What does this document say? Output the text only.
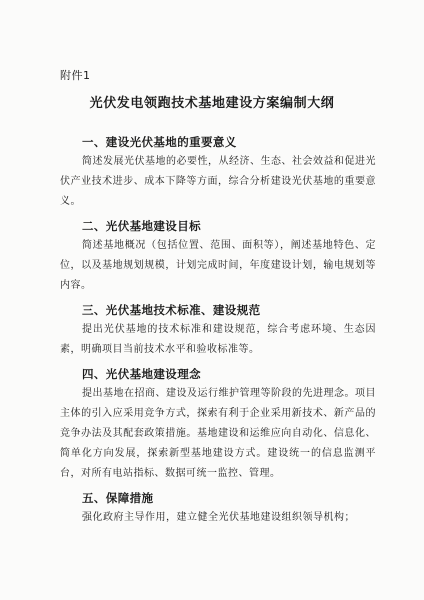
附件1
光伏发电领跑技术基地建设方案编制大纲
一、建设光伏基地的重要意义

简述发展光伏基地的必要性，从经济、生态、社会效益和促进光伏产业技术进步、成本下降等方面，综合分析建设光伏基地的重要意义。

二、光伏基地建设目标

简述基地概况（包括位置、范围、面积等），阐述基地特色、定位，以及基地规划规模，计划完成时间，年度建设计划，输电规划等内容。

三、光伏基地技术标准、建设规范

提出光伏基地的技术标准和建设规范，综合考虑环境、生态因素，明确项目当前技术水平和验收标准等。

四、光伏基地建设理念

提出基地在招商、建设及运行维护管理等阶段的先进理念。项目主体的引入应采用竞争方式，探索有利于企业采用新技术、新产品的竞争办法及其配套政策措施。基地建设和运维应向自动化、信息化、简单化方向发展，探索新型基地建设方式。建设统一的信息监测平台，对所有电站指标、数据可统一监控、管理。

五、保障措施

强化政府主导作用，建立健全光伏基地建设组织领导机构；
